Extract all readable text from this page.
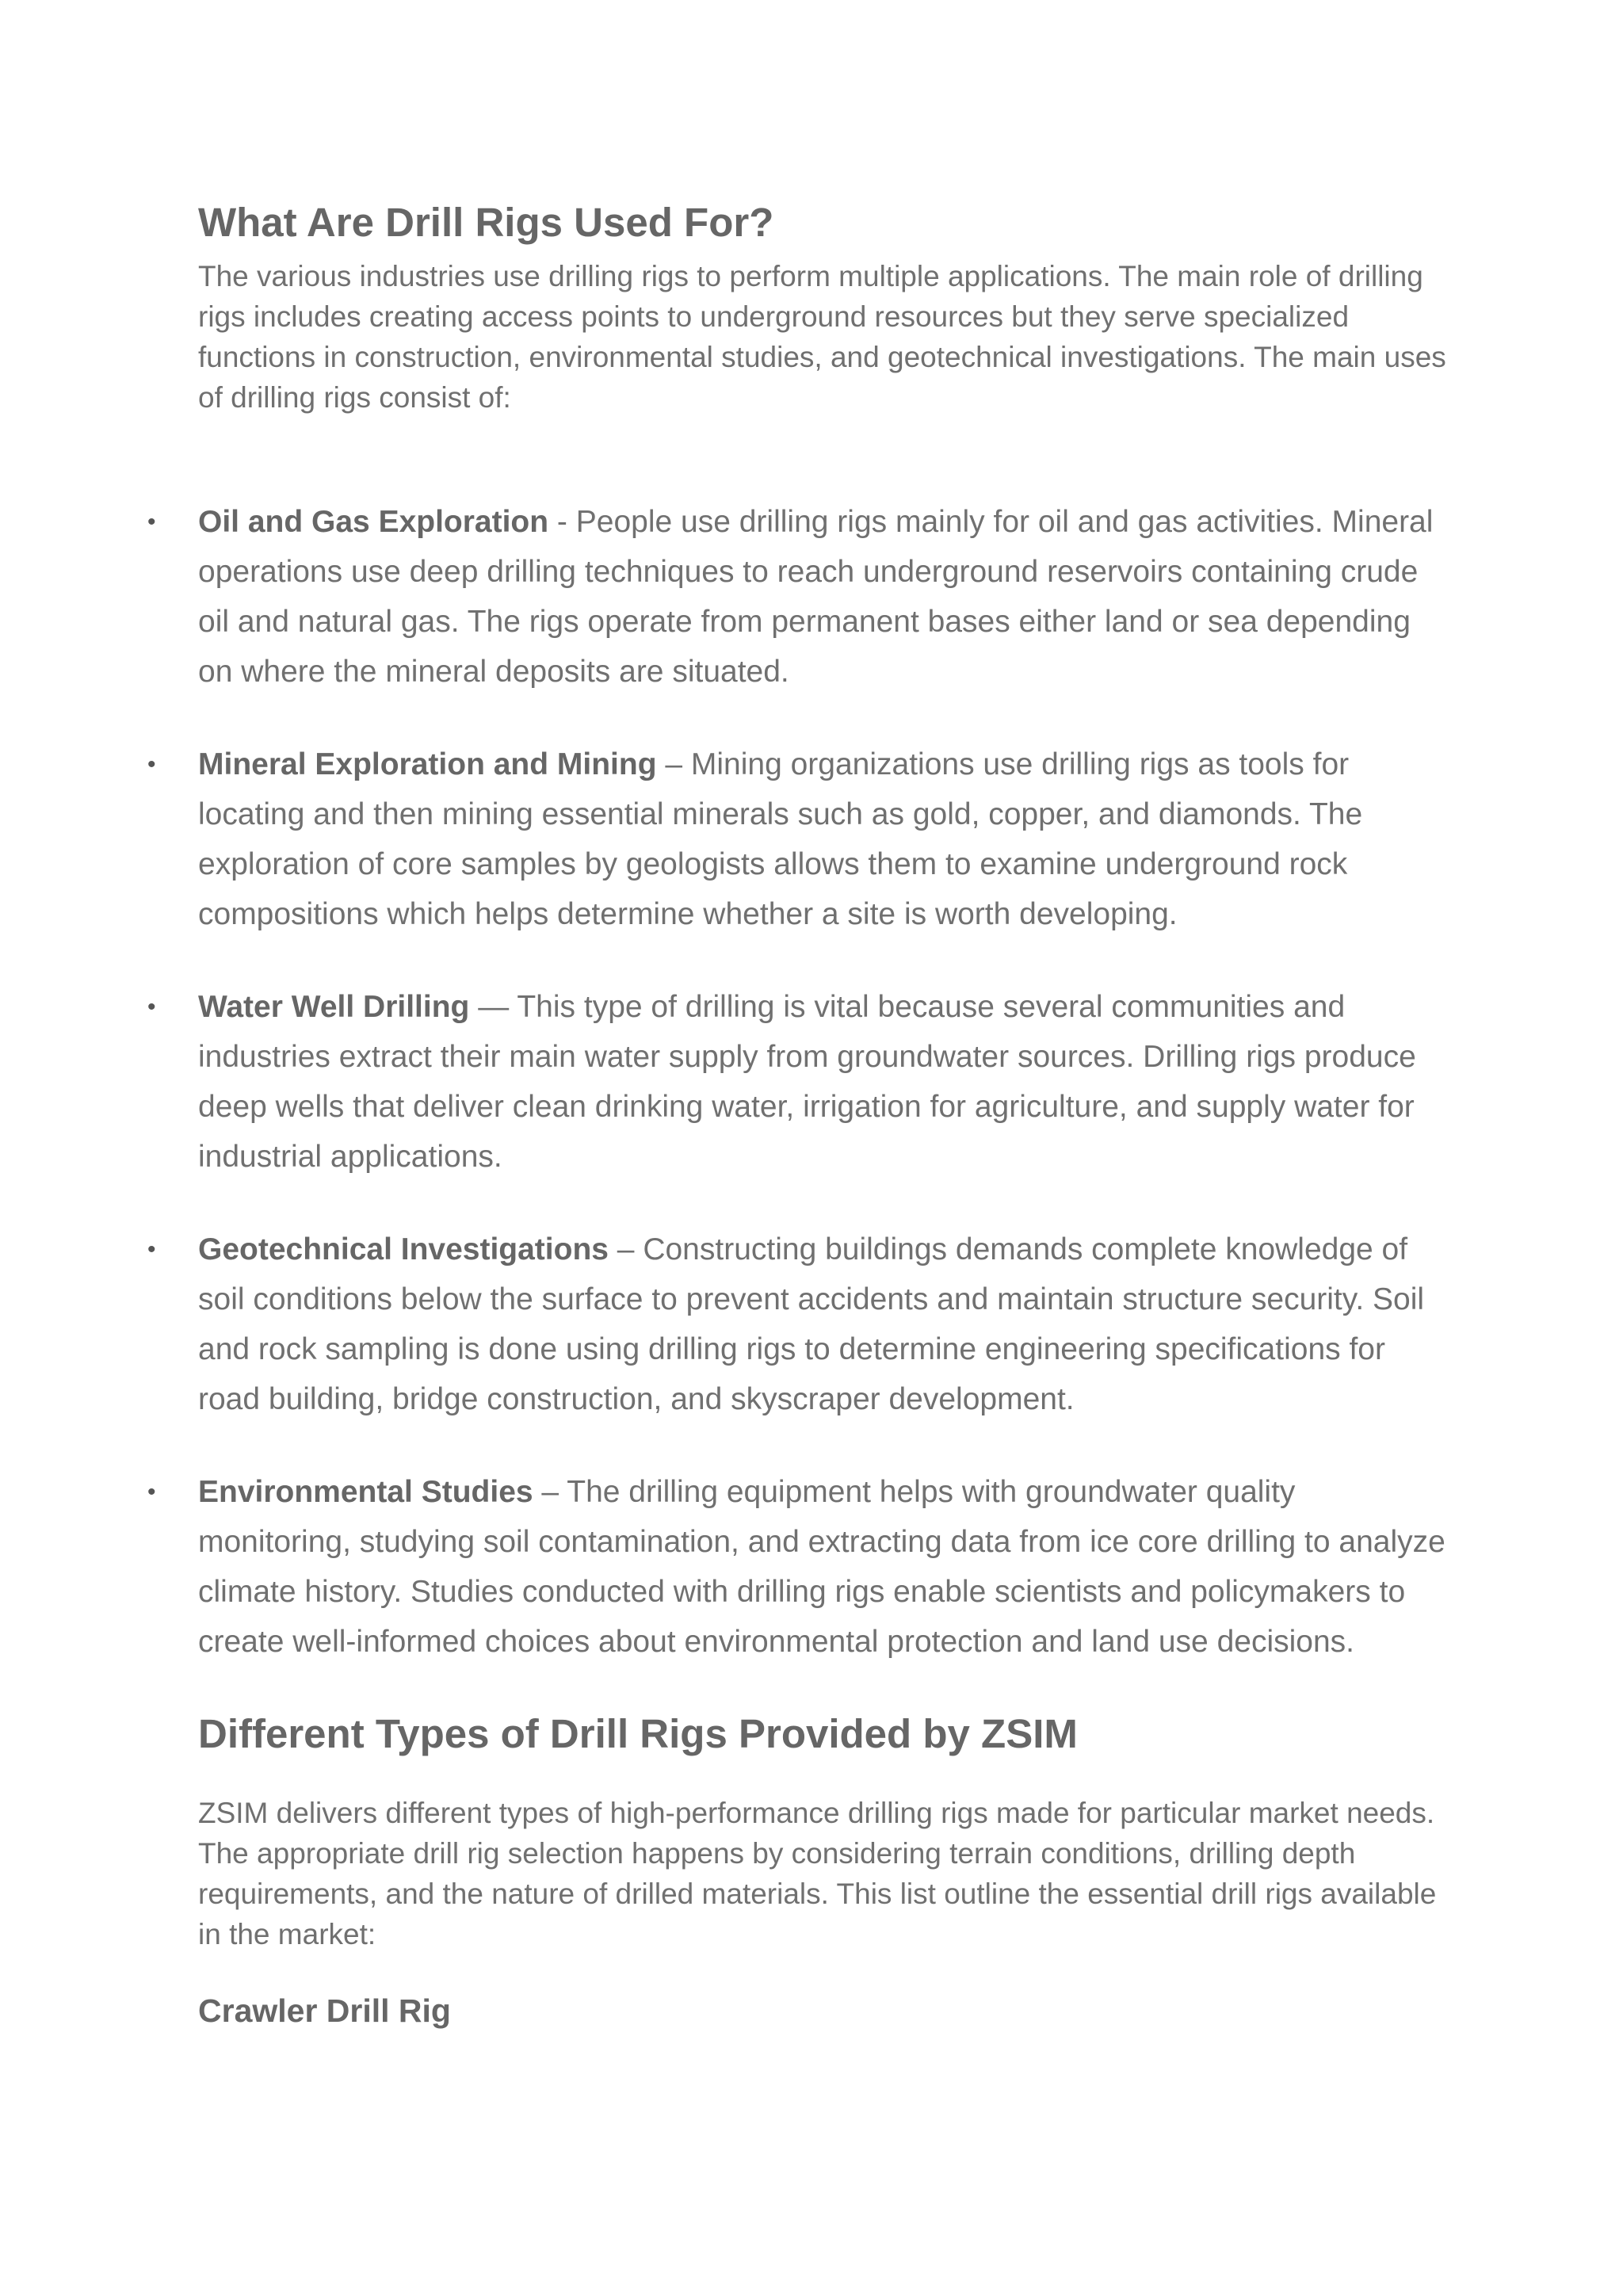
What Are Drill Rigs Used For?

The various industries use drilling rigs to perform multiple applications. The main role of drilling rigs includes creating access points to underground resources but they serve specialized functions in construction, environmental studies, and geotechnical investigations. The main uses of drilling rigs consist of:

• Oil and Gas Exploration - People use drilling rigs mainly for oil and gas activities. Mineral operations use deep drilling techniques to reach underground reservoirs containing crude oil and natural gas. The rigs operate from permanent bases either land or sea depending on where the mineral deposits are situated.
• Mineral Exploration and Mining – Mining organizations use drilling rigs as tools for locating and then mining essential minerals such as gold, copper, and diamonds. The exploration of core samples by geologists allows them to examine underground rock compositions which helps determine whether a site is worth developing.
• Water Well Drilling — This type of drilling is vital because several communities and industries extract their main water supply from groundwater sources. Drilling rigs produce deep wells that deliver clean drinking water, irrigation for agriculture, and supply water for industrial applications.
• Geotechnical Investigations – Constructing buildings demands complete knowledge of soil conditions below the surface to prevent accidents and maintain structure security. Soil and rock sampling is done using drilling rigs to determine engineering specifications for road building, bridge construction, and skyscraper development.
• Environmental Studies – The drilling equipment helps with groundwater quality monitoring, studying soil contamination, and extracting data from ice core drilling to analyze climate history. Studies conducted with drilling rigs enable scientists and policymakers to create well-informed choices about environmental protection and land use decisions.
Different Types of Drill Rigs Provided by ZSIM

ZSIM delivers different types of high-performance drilling rigs made for particular market needs. The appropriate drill rig selection happens by considering terrain conditions, drilling depth requirements, and the nature of drilled materials. This list outline the essential drill rigs available in the market:

Crawler Drill Rig
